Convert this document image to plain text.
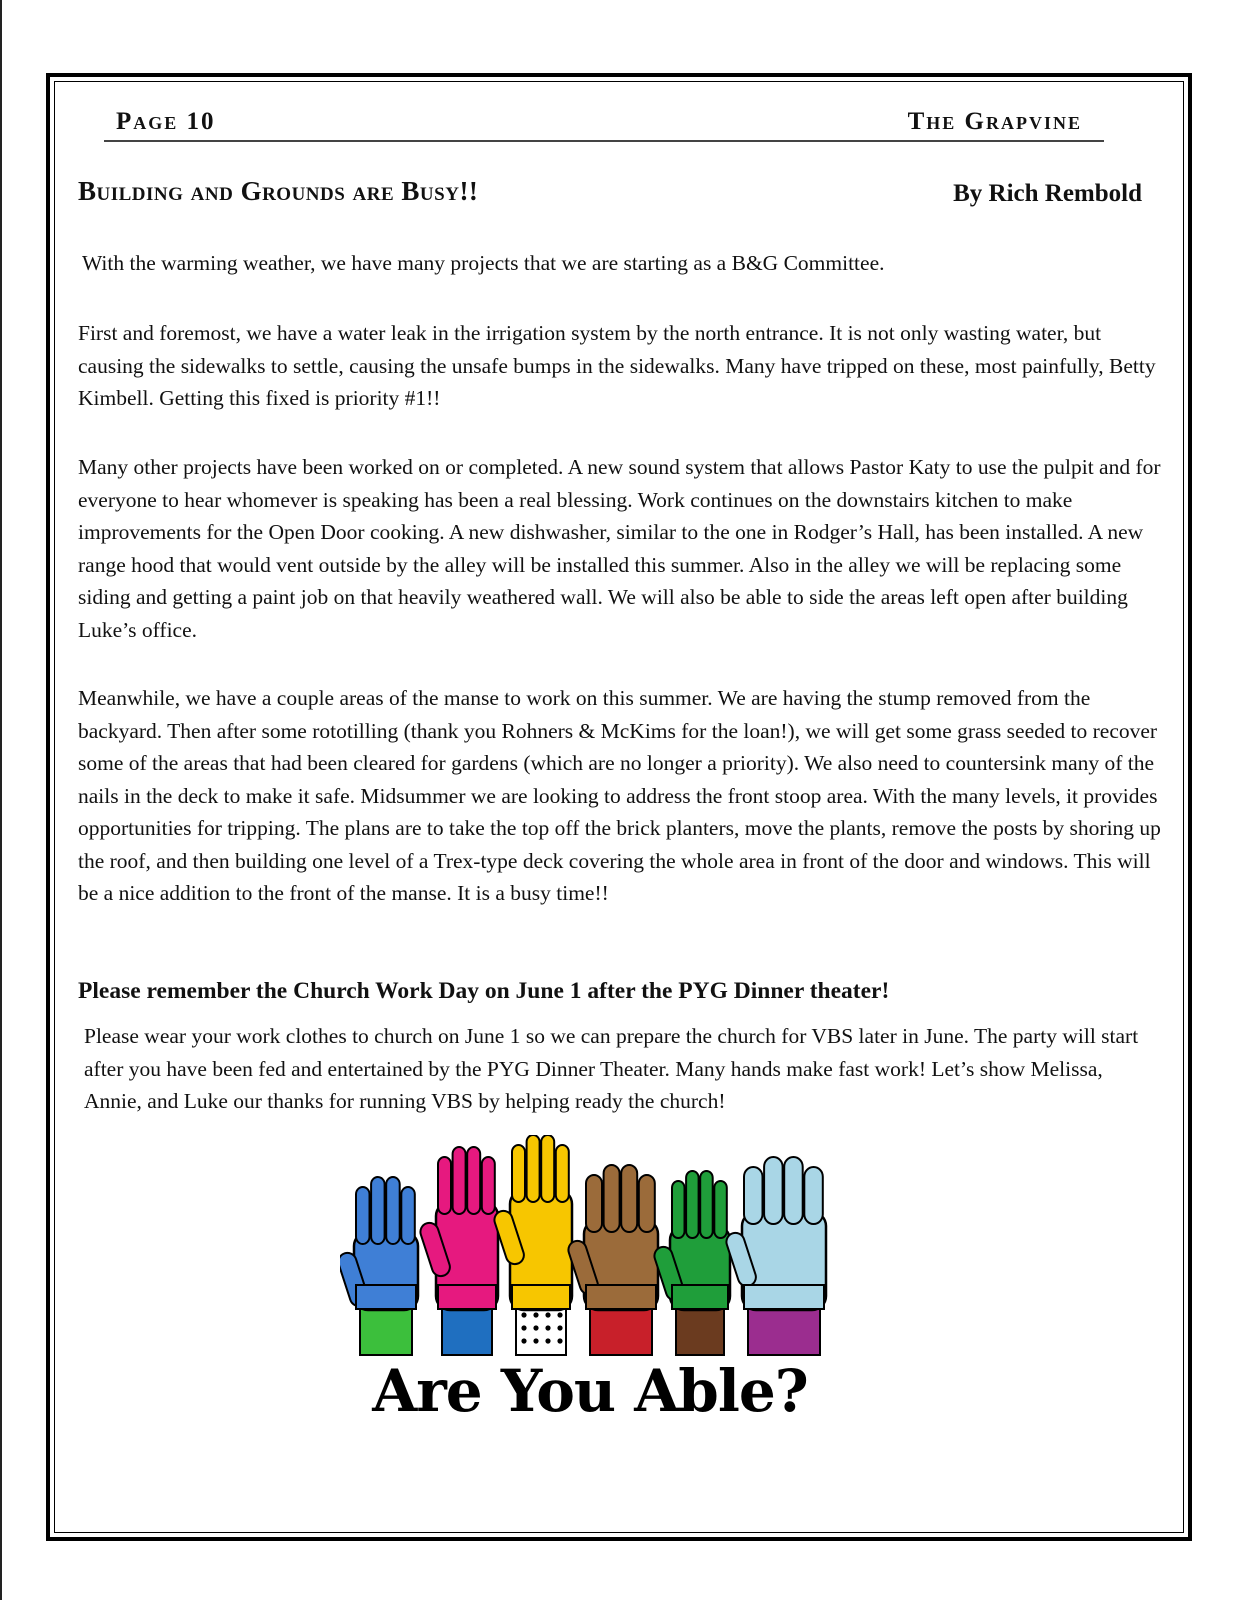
Page 10	The Grapvine
Building and Grounds are Busy!!	By Rich Rembold

With the warming weather, we have many projects that we are starting as a B&G Committee.

First and foremost, we have a water leak in the irrigation system by the north entrance. It is not only wasting water, but causing the sidewalks to settle, causing the unsafe bumps in the sidewalks. Many have tripped on these, most painfully, Betty Kimbell. Getting this fixed is priority #1!!

Many other projects have been worked on or completed. A new sound system that allows Pastor Katy to use the pulpit and for everyone to hear whomever is speaking has been a real blessing. Work continues on the downstairs kitchen to make improvements for the Open Door cooking. A new dishwasher, similar to the one in Rodger’s Hall, has been installed. A new range hood that would vent outside by the alley will be installed this summer. Also in the alley we will be replacing some siding and getting a paint job on that heavily weathered wall. We will also be able to side the areas left open after building Luke’s office.

Meanwhile, we have a couple areas of the manse to work on this summer. We are having the stump removed from the backyard. Then after some rototilling (thank you Rohners & McKims for the loan!), we will get some grass seeded to recover some of the areas that had been cleared for gardens (which are no longer a priority). We also need to countersink many of the nails in the deck to make it safe. Midsummer we are looking to address the front stoop area. With the many levels, it provides opportunities for tripping. The plans are to take the top off the brick planters, move the plants, remove the posts by shoring up the roof, and then building one level of a Trex-type deck covering the whole area in front of the door and windows. This will be a nice addition to the front of the manse. It is a busy time!!

Please remember the Church Work Day on June 1 after the PYG Dinner theater!

Please wear your work clothes to church on June 1 so we can prepare the church for VBS later in June. The party will start after you have been fed and entertained by the PYG Dinner Theater. Many hands make fast work! Let’s show Melissa, Annie, and Luke our thanks for running VBS by helping ready the church!

Are You Able?
